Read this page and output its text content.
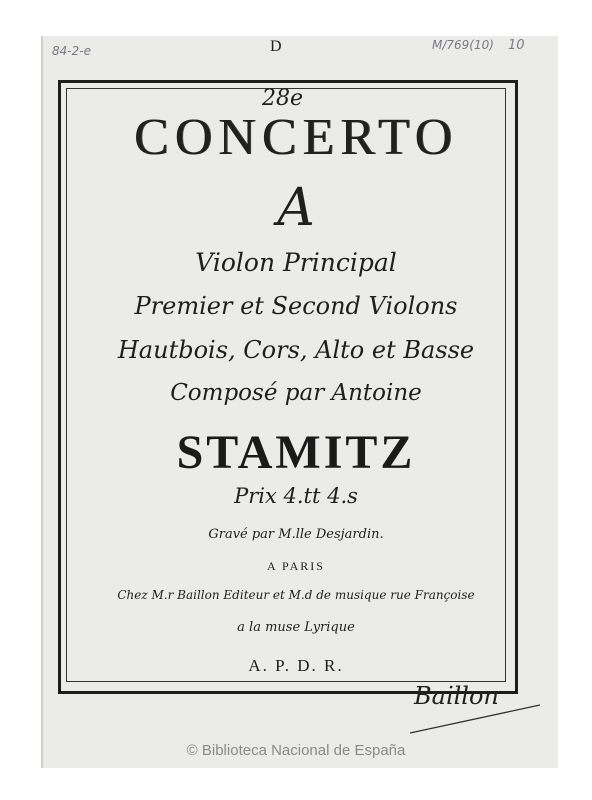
84-2-e	D	M/769(10) 10
28e
CONCERTO
A
Violon Principal
Premier et Second Violons
Hautbois, Cors, Alto et Basse
Composé par Antoine
STAMITZ
Prix 4.tt 4.s
Gravé par M.lle Desjardin.
A PARIS
Chez M.r Baillon Editeur et M.d de musique rue Françoise
a la muse Lyrique
A. P. D. R.
Baillon
© Biblioteca Nacional de España
